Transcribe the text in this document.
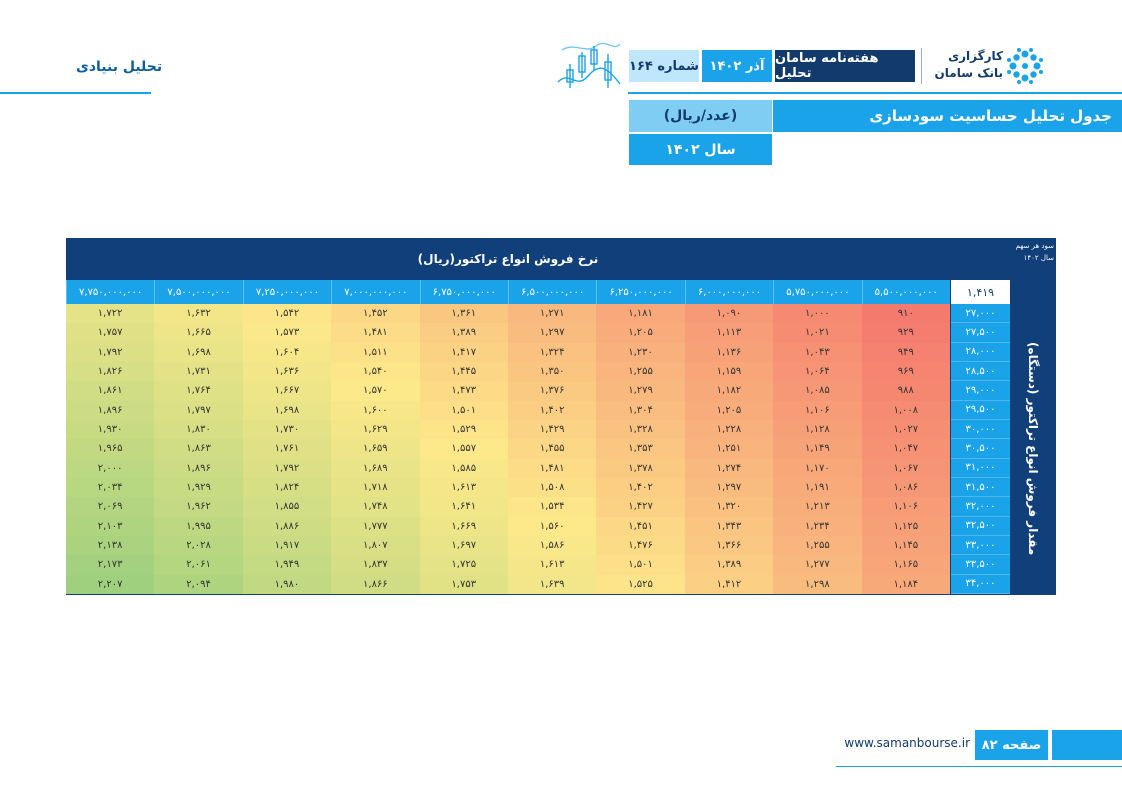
تحلیل بنیادی
کارگزاری
بانک سامان
هفته‌نامه سامان تحلیل
آذر ۱۴۰۲
شماره ۱۶۴
جدول تحلیل حساسیت سودسازی
(عدد/ریال)
سال ۱۴۰۲
سود هر سهم
سال ۱۴۰۲
نرخ فروش انواع تراکتور(ریال)
۵,۵۰۰,۰۰۰,۰۰۰
۵,۷۵۰,۰۰۰,۰۰۰
۶,۰۰۰,۰۰۰,۰۰۰
۶,۲۵۰,۰۰۰,۰۰۰
۶,۵۰۰,۰۰۰,۰۰۰
۶,۷۵۰,۰۰۰,۰۰۰
۷,۰۰۰,۰۰۰,۰۰۰
۷,۲۵۰,۰۰۰,۰۰۰
۷,۵۰۰,۰۰۰,۰۰۰
۷,۷۵۰,۰۰۰,۰۰۰	۱,۴۱۹
۲۷,۰۰۰
۲۷,۵۰۰
۲۸,۰۰۰
۲۸,۵۰۰
۲۹,۰۰۰
۲۹,۵۰۰
۳۰,۰۰۰
۳۰,۵۰۰
۳۱,۰۰۰
۳۱,۵۰۰
۳۲,۰۰۰
۳۲,۵۰۰
۳۳,۰۰۰
۳۳,۵۰۰
۳۴,۰۰۰
مقدار فروش انواع تراکتور (دستگاه)
۹۱۰
۱,۰۰۰
۱,۰۹۰
۱,۱۸۱
۱,۲۷۱
۱,۳۶۱
۱,۴۵۲
۱,۵۴۲
۱,۶۳۲
۱,۷۲۲
۹۲۹
۱,۰۲۱
۱,۱۱۳
۱,۲۰۵
۱,۲۹۷
۱,۳۸۹
۱,۴۸۱
۱,۵۷۳
۱,۶۶۵
۱,۷۵۷
۹۴۹
۱,۰۴۳
۱,۱۳۶
۱,۲۳۰
۱,۳۲۴
۱,۴۱۷
۱,۵۱۱
۱,۶۰۴
۱,۶۹۸
۱,۷۹۲
۹۶۹
۱,۰۶۴
۱,۱۵۹
۱,۲۵۵
۱,۳۵۰
۱,۴۴۵
۱,۵۴۰
۱,۶۳۶
۱,۷۳۱
۱,۸۲۶
۹۸۸
۱,۰۸۵
۱,۱۸۲
۱,۲۷۹
۱,۳۷۶
۱,۴۷۳
۱,۵۷۰
۱,۶۶۷
۱,۷۶۴
۱,۸۶۱
۱,۰۰۸
۱,۱۰۶
۱,۲۰۵
۱,۳۰۴
۱,۴۰۲
۱,۵۰۱
۱,۶۰۰
۱,۶۹۸
۱,۷۹۷
۱,۸۹۶
۱,۰۲۷
۱,۱۲۸
۱,۲۲۸
۱,۳۲۸
۱,۴۲۹
۱,۵۲۹
۱,۶۲۹
۱,۷۳۰
۱,۸۳۰
۱,۹۳۰
۱,۰۴۷
۱,۱۴۹
۱,۲۵۱
۱,۳۵۳
۱,۴۵۵
۱,۵۵۷
۱,۶۵۹
۱,۷۶۱
۱,۸۶۳
۱,۹۶۵
۱,۰۶۷
۱,۱۷۰
۱,۲۷۴
۱,۳۷۸
۱,۴۸۱
۱,۵۸۵
۱,۶۸۹
۱,۷۹۲
۱,۸۹۶
۲,۰۰۰
۱,۰۸۶
۱,۱۹۱
۱,۲۹۷
۱,۴۰۲
۱,۵۰۸
۱,۶۱۳
۱,۷۱۸
۱,۸۲۴
۱,۹۲۹
۲,۰۳۴
۱,۱۰۶
۱,۲۱۳
۱,۳۲۰
۱,۴۲۷
۱,۵۳۴
۱,۶۴۱
۱,۷۴۸
۱,۸۵۵
۱,۹۶۲
۲,۰۶۹
۱,۱۲۵
۱,۲۳۴
۱,۳۴۳
۱,۴۵۱
۱,۵۶۰
۱,۶۶۹
۱,۷۷۷
۱,۸۸۶
۱,۹۹۵
۲,۱۰۳
۱,۱۴۵
۱,۲۵۵
۱,۳۶۶
۱,۴۷۶
۱,۵۸۶
۱,۶۹۷
۱,۸۰۷
۱,۹۱۷
۲,۰۲۸
۲,۱۳۸
۱,۱۶۵
۱,۲۷۷
۱,۳۸۹
۱,۵۰۱
۱,۶۱۳
۱,۷۲۵
۱,۸۳۷
۱,۹۴۹
۲,۰۶۱
۲,۱۷۳
۱,۱۸۴
۱,۲۹۸
۱,۴۱۲
۱,۵۲۵
۱,۶۳۹
۱,۷۵۳
۱,۸۶۶
۱,۹۸۰
۲,۰۹۴
۲,۲۰۷
صفحه ۸۲
www.samanbourse.ir
